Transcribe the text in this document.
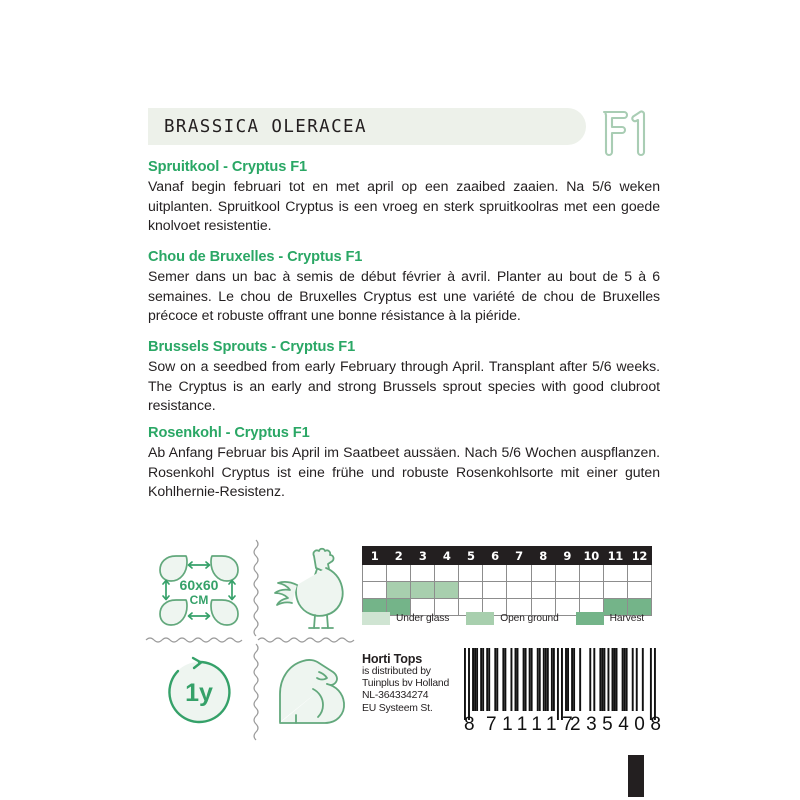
BRASSICA OLERACEA
Spruitkool - Cryptus F1
Vanaf begin februari tot en met april op een zaaibed zaaien. Na 5/6 weken uitplanten. Spruitkool Cryptus is een vroeg en sterk spruitkoolras met een goede knolvoet resistentie.
Chou de Bruxelles - Cryptus F1
Semer dans un bac à semis de début février à avril. Planter au bout de 5 à 6 semaines. Le chou de Bruxelles Cryptus est une variété de chou de Bruxelles précoce et robuste offrant une bonne résistance à la piéride.
Brussels Sprouts - Cryptus F1
Sow on a seedbed from early February through April. Transplant after 5/6 weeks. The Cryptus is an early and strong Brussels sprout species with good clubroot resistance.
Rosenkohl - Cryptus F1
Ab Anfang Februar bis April im Saatbeet aussäen. Nach 5/6 Wochen auspflanzen. Rosenkohl Cryptus ist eine frühe und robuste Rosenkohlsorte mit einer guten Kohlhernie-Resistenz.
60x60
CM
1y
1	2	3	4	5	6	7	8	9	10	11	12

Under glass	Open ground	Harvest
Horti Tops
is distributed by
Tuinplus bv Holland
NL-364334274
EU Systeem St.
8 711117
235408
